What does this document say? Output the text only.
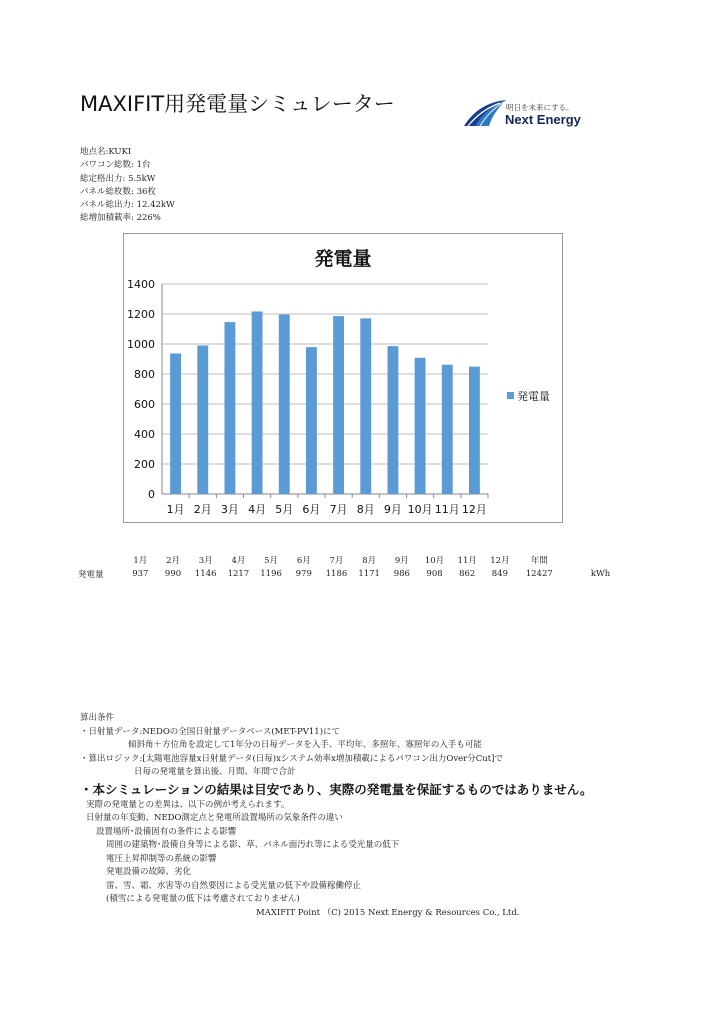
MAXIFIT用発電量シミュレーター	明日を未来にする。
Next Energy
地点名:KUKI
パワコン総数: 1台
総定格出力: 5.5kW
パネル総枚数: 36枚
パネル総出力: 12.42kW
総増加積載率: 226%
発電量
0
200
400
600
800
1000
1200
1400
1月 2月 3月 4月 5月 6月 7月 8月 9月 10月 11月 12月
発電量
	1月	2月	3月	4月	5月	6月	7月	8月	9月	10月	11月	12月	年間	
発電量	937	990	1146	1217	1196	979	1186	1171	986	908	862	849	12427	kWh
算出条件
・日射量データ:NEDOの全国日射量データベース(MET-PV11)にて
傾斜角＋方位角を設定して1年分の日毎データを入手、平均年、多照年、寡照年の入手も可能
・算出ロジック:[太陽電池容量x日射量データ(日毎)xシステム効率x増加積載によるパワコン出力Over分Cut]で
日毎の発電量を算出後、月間、年間で合計
・本シミュレーションの結果は目安であり、実際の発電量を保証するものではありません。
実際の発電量との差異は、以下の例が考えられます。
日射量の年変動、NEDO測定点と発電所設置場所の気象条件の違い
設置場所･設備固有の条件による影響
周囲の建築物･設備自身等による影、草、パネル面汚れ等による受光量の低下
電圧上昇抑制等の系統の影響
発電設備の故障、劣化
雷、雪、霜、水害等の自然要因による受光量の低下や設備稼働停止
(積雪による発電量の低下は考慮されておりません)
MAXIFIT Point （C) 2015 Next Energy & Resources Co., Ltd.
